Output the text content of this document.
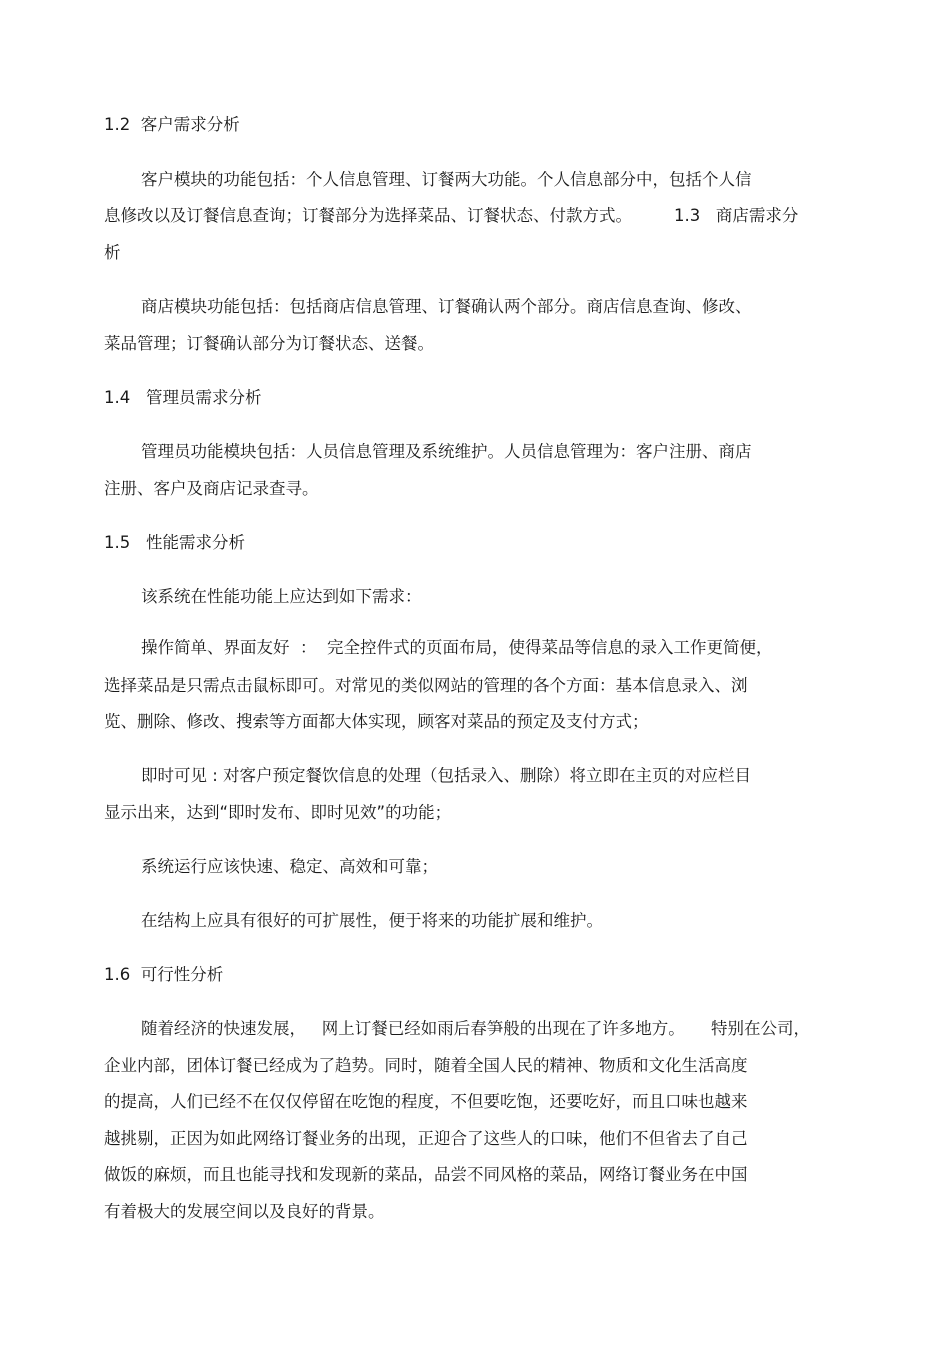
1.2  客户需求分析

客户模块的功能包括：个人信息管理、订餐两大功能。个人信息部分中，包括个人信

息修改以及订餐信息查询；订餐部分为选择菜品、订餐状态、付款方式。        1.3   商店需求分

析

商店模块功能包括：包括商店信息管理、订餐确认两个部分。商店信息查询、修改、

菜品管理；订餐确认部分为订餐状态、送餐。

1.4   管理员需求分析

管理员功能模块包括：人员信息管理及系统维护。人员信息管理为：客户注册、商店

注册、客户及商店记录查寻。

1.5   性能需求分析

该系统在性能功能上应达到如下需求：

操作简单、界面友好  ：  完全控件式的页面布局，使得菜品等信息的录入工作更简便，

选择菜品是只需点击鼠标即可。对常见的类似网站的管理的各个方面：基本信息录入、浏

览、删除、修改、搜索等方面都大体实现，顾客对菜品的预定及支付方式；

即时可见 : 对客户预定餐饮信息的处理（包括录入、删除）将立即在主页的对应栏目

显示出来，达到“即时发布、即时见效”的功能；

系统运行应该快速、稳定、高效和可靠；

在结构上应具有很好的可扩展性，便于将来的功能扩展和维护。

1.6  可行性分析

随着经济的快速发展，   网上订餐已经如雨后春笋般的出现在了许多地方。     特别在公司，

企业内部，团体订餐已经成为了趋势。同时，随着全国人民的精神、物质和文化生活高度

的提高，人们已经不在仅仅停留在吃饱的程度，不但要吃饱，还要吃好，而且口味也越来

越挑剔，正因为如此网络订餐业务的出现，正迎合了这些人的口味，他们不但省去了自己

做饭的麻烦，而且也能寻找和发现新的菜品，品尝不同风格的菜品，网络订餐业务在中国

有着极大的发展空间以及良好的背景。
